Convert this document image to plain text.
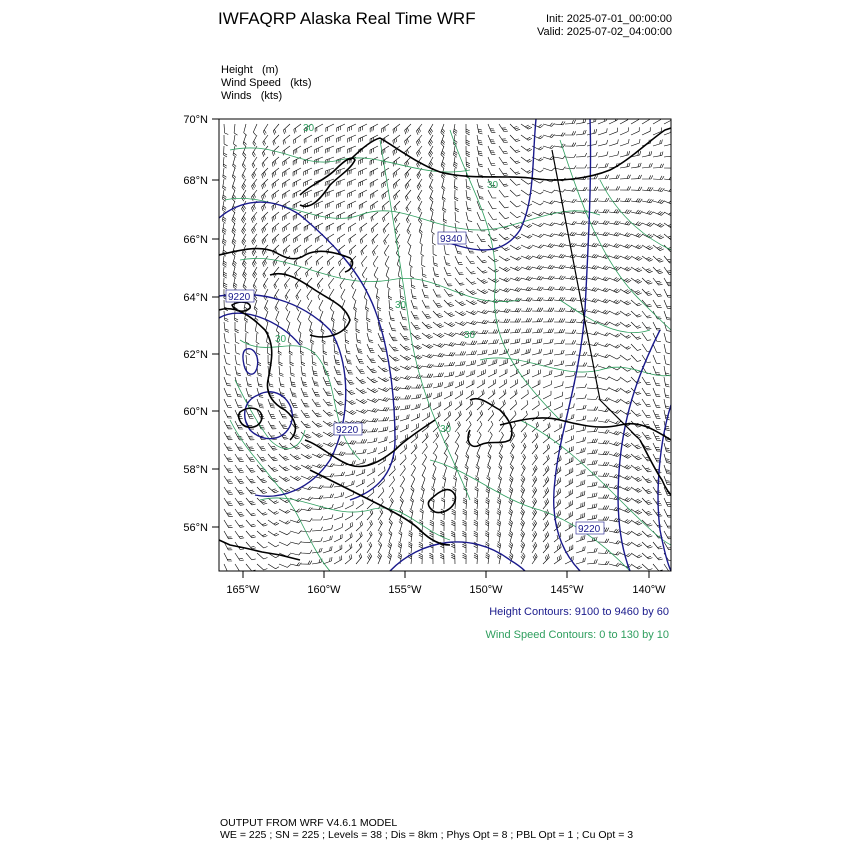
IWFAQRP Alaska Real Time WRF	Init: 2025-07-01_00:00:00
Valid: 2025-07-02_04:00:00
Height   (m)
Wind Speed   (kts)
Winds   (kts)
9340
9220
9220
9220
30
30
30
30
30
30
70°N
68°N
66°N
64°N
62°N
60°N
58°N
56°N
165°W	160°W	155°W	150°W	145°W	140°W
Height Contours: 9100 to 9460 by 60
Wind Speed Contours: 0 to 130 by 10
OUTPUT FROM WRF V4.6.1 MODEL
WE = 225 ; SN = 225 ; Levels = 38 ; Dis = 8km ; Phys Opt = 8 ; PBL Opt = 1 ; Cu Opt = 3
